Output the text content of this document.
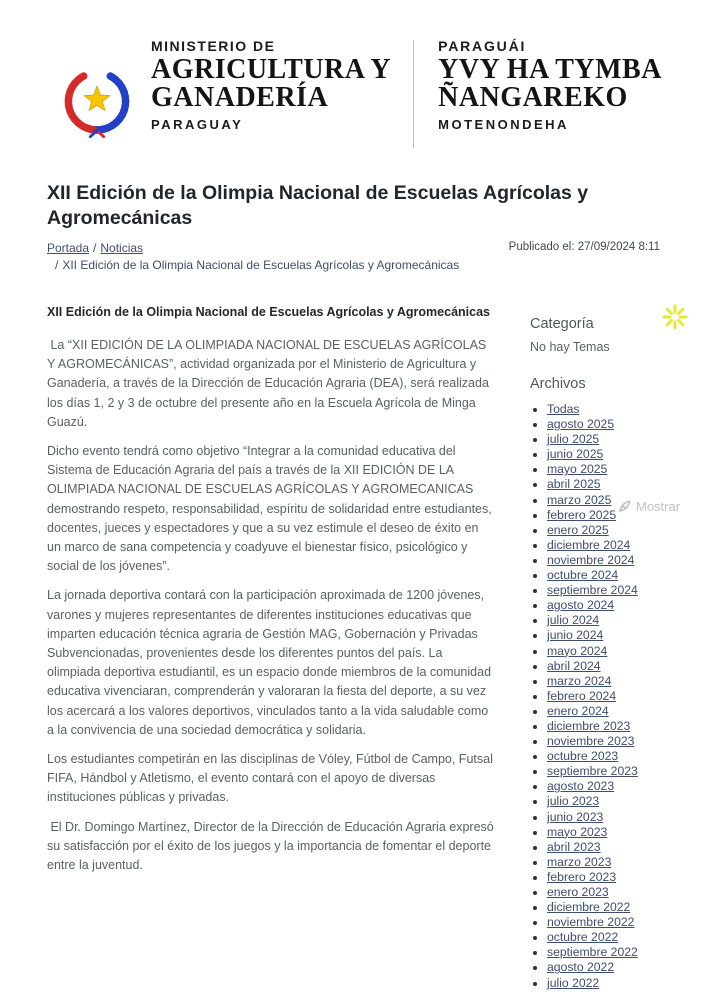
MINISTERIO DE
AGRICULTURA Y
GANADERÍA
PARAGUAY
PARAGUÁI
YVY HA TYMBA
ÑANGAREKO
MOTENONDEHA
XII Edición de la Olimpia Nacional de Escuelas Agrícolas y Agromecánicas
Portada / Noticias
/ XII Edición de la Olimpia Nacional de Escuelas Agrícolas y Agromecánicas
Publicado el: 27/09/2024 8:11
XII Edición de la Olimpia Nacional de Escuelas Agrícolas y Agromecánicas

La “XII EDICIÓN DE LA OLIMPIADA NACIONAL DE ESCUELAS AGRÍCOLAS Y AGROMECÁNICAS”, actividad organizada por el Ministerio de Agricultura y Ganadería, a través de la Dirección de Educación Agraria (DEA), será realizada los días 1, 2 y 3 de octubre del presente año en la Escuela Agrícola de Minga Guazú.

Dicho evento tendrá como objetivo “Integrar a la comunidad educativa del Sistema de Educación Agraria del país a través de la XII EDICIÓN DE LA OLIMPIADA NACIONAL DE ESCUELAS AGRÍCOLAS Y AGROMECANICAS demostrando respeto, responsabilidad, espíritu de solidaridad entre estudiantes, docentes, jueces y espectadores y que a su vez estimule el deseo de éxito en un marco de sana competencia y coadyuve el bienestar físico, psicológico y social de los jóvenes”.

La jornada deportiva contará con la participación aproximada de 1200 jóvenes, varones y mujeres representantes de diferentes instituciones educativas que imparten educación técnica agraria de Gestión MAG, Gobernación y Privadas Subvencionadas, provenientes desde los diferentes puntos del país. La olimpiada deportiva estudiantil, es un espacio donde miembros de la comunidad educativa vivenciaran, comprenderán y valoraran la fiesta del deporte, a su vez los acercará a los valores deportivos, vinculados tanto a la vida saludable como a la convivencia de una sociedad democrática y solidaria.

Los estudiantes competirán en las disciplinas de Vóley, Fútbol de Campo, Futsal FIFA, Hándbol y Atletismo, el evento contará con el apoyo de diversas instituciones públicas y privadas.

El Dr. Domingo Martínez, Director de la Dirección de Educación Agraria expresó su satisfacción por el éxito de los juegos y la importancia de fomentar el deporte entre la juventud.

Categoría
No hay Temas
Archivos
• Todas
• agosto 2025
• julio 2025
• junio 2025
• mayo 2025
• abril 2025
• marzo 2025
• febrero 2025
• enero 2025
• diciembre 2024
• noviembre 2024
• octubre 2024
• septiembre 2024
• agosto 2024
• julio 2024
• junio 2024
• mayo 2024
• abril 2024
• marzo 2024
• febrero 2024
• enero 2024
• diciembre 2023
• noviembre 2023
• octubre 2023
• septiembre 2023
• agosto 2023
• julio 2023
• junio 2023
• mayo 2023
• abril 2023
• marzo 2023
• febrero 2023
• enero 2023
• diciembre 2022
• noviembre 2022
• octubre 2022
• septiembre 2022
• agosto 2022
• julio 2022
Mostrar
